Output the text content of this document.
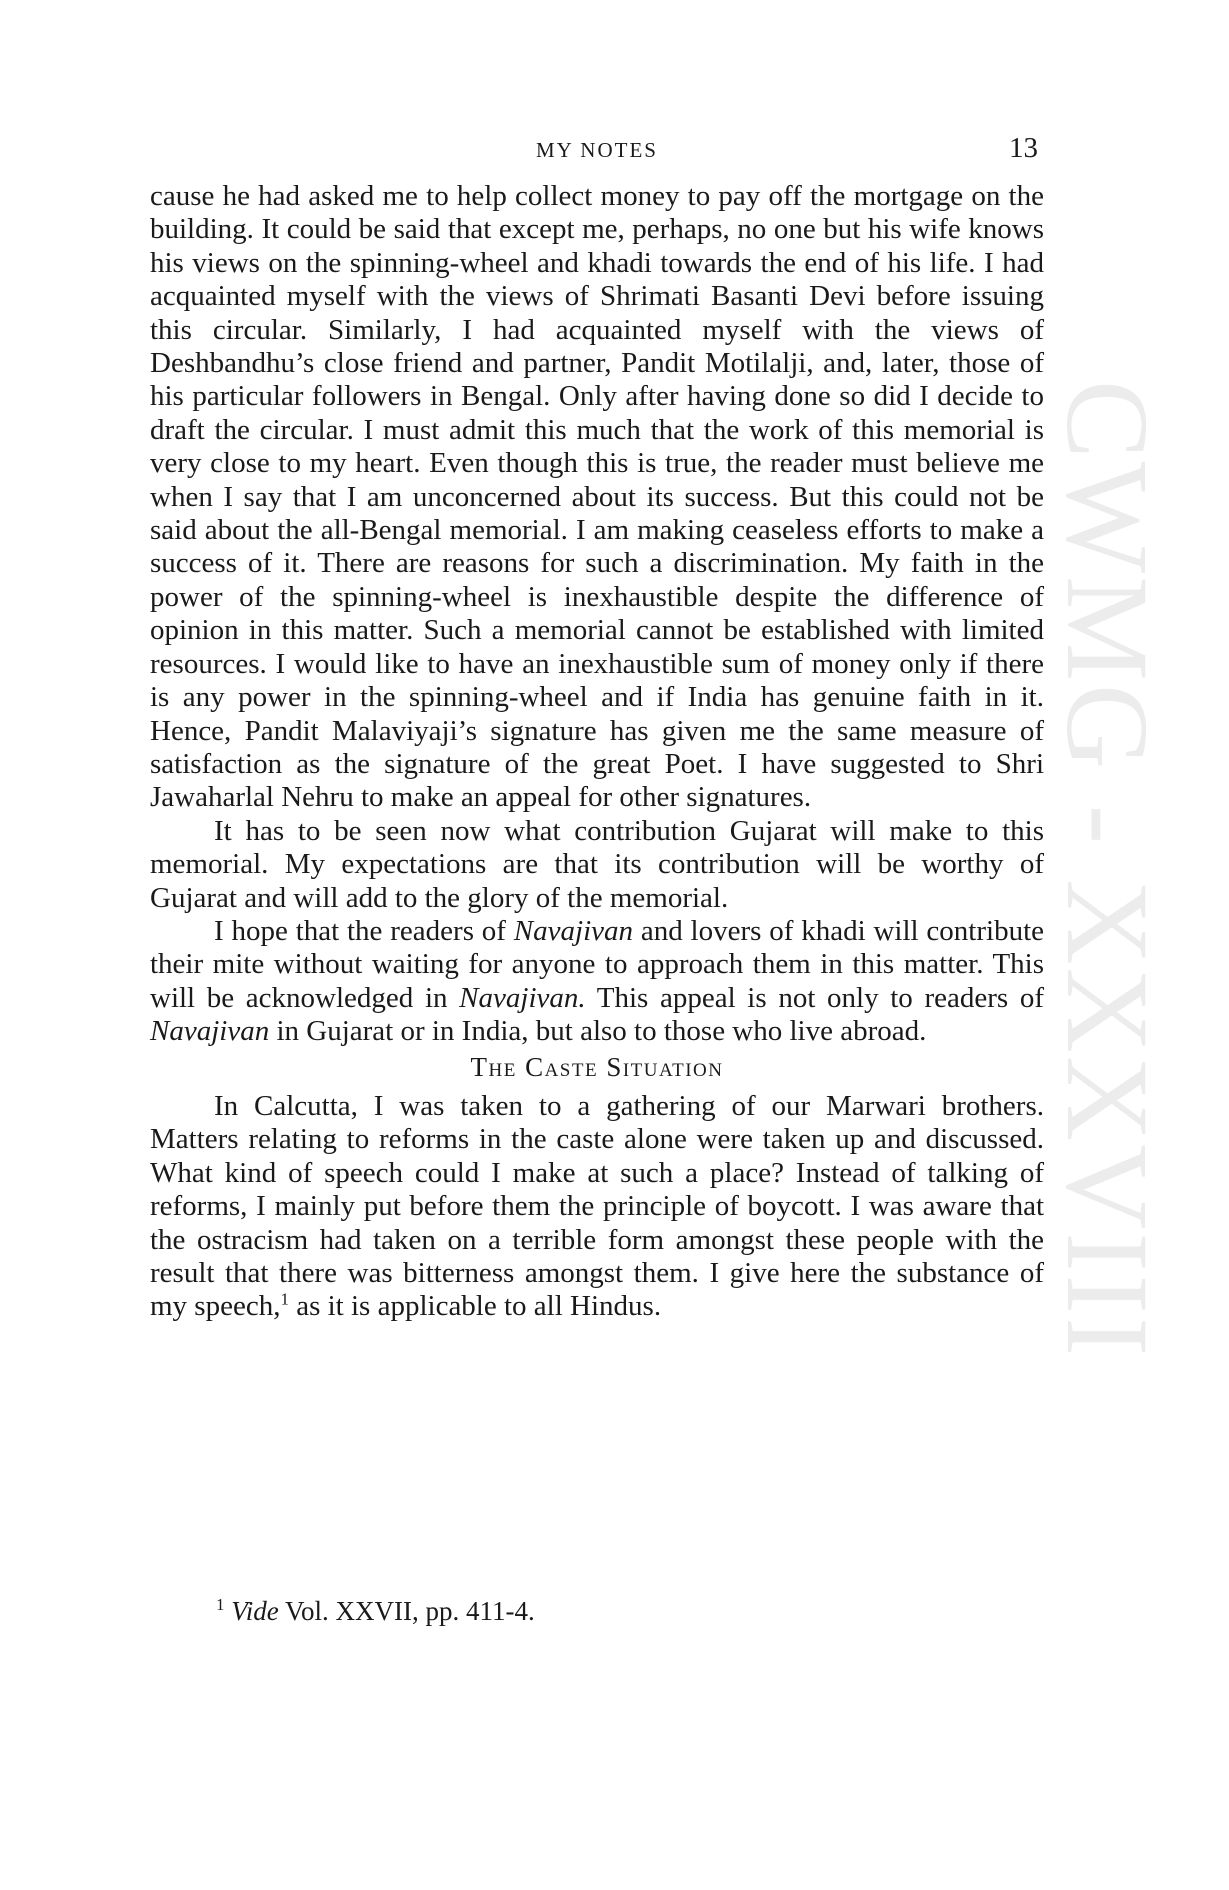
MY NOTES	13

cause he had asked me to help collect money to pay off the mortgage on the building. It could be said that except me, perhaps, no one but his wife knows his views on the spinning-wheel and khadi towards the end of his life. I had acquainted myself with the views of Shrimati Basanti Devi before issuing this circular. Similarly, I had acquainted myself with the views of Deshbandhu’s close friend and partner, Pandit Motilalji, and, later, those of his particular followers in Bengal. Only after having done so did I decide to draft the circular. I must admit this much that the work of this memorial is very close to my heart. Even though this is true, the reader must believe me when I say that I am unconcerned about its success. But this could not be said about the all-Bengal memorial. I am making ceaseless efforts to make a success of it. There are reasons for such a discrimination. My faith in the power of the spinning-wheel is inexhaustible despite the difference of opinion in this matter. Such a memorial cannot be established with limited resources. I would like to have an inexhaustible sum of money only if there is any power in the spinning-wheel and if India has genuine faith in it. Hence, Pandit Malaviyaji’s signature has given me the same measure of satisfaction as the signature of the great Poet. I have suggested to Shri Jawaharlal Nehru to make an appeal for other signatures.

It has to be seen now what contribution Gujarat will make to this memorial. My expectations are that its contribution will be worthy of Gujarat and will add to the glory of the memorial.

I hope that the readers of Navajivan and lovers of khadi will contribute their mite without waiting for anyone to approach them in this matter. This will be acknowledged in Navajivan. This appeal is not only to readers of Navajivan in Gujarat or in India, but also to those who live abroad.

The Caste Situation

In Calcutta, I was taken to a gathering of our Marwari brothers. Matters relating to reforms in the caste alone were taken up and discussed. What kind of speech could I make at such a place? Instead of talking of reforms, I mainly put before them the principle of boycott. I was aware that the ostracism had taken on a terrible form amongst these people with the result that there was bitterness amongst them. I give here the substance of my speech,$^1$ as it is applicable to all Hindus.

$^1$ Vide Vol. XXVII, pp. 411-4.
CWMG - XXXVIII
